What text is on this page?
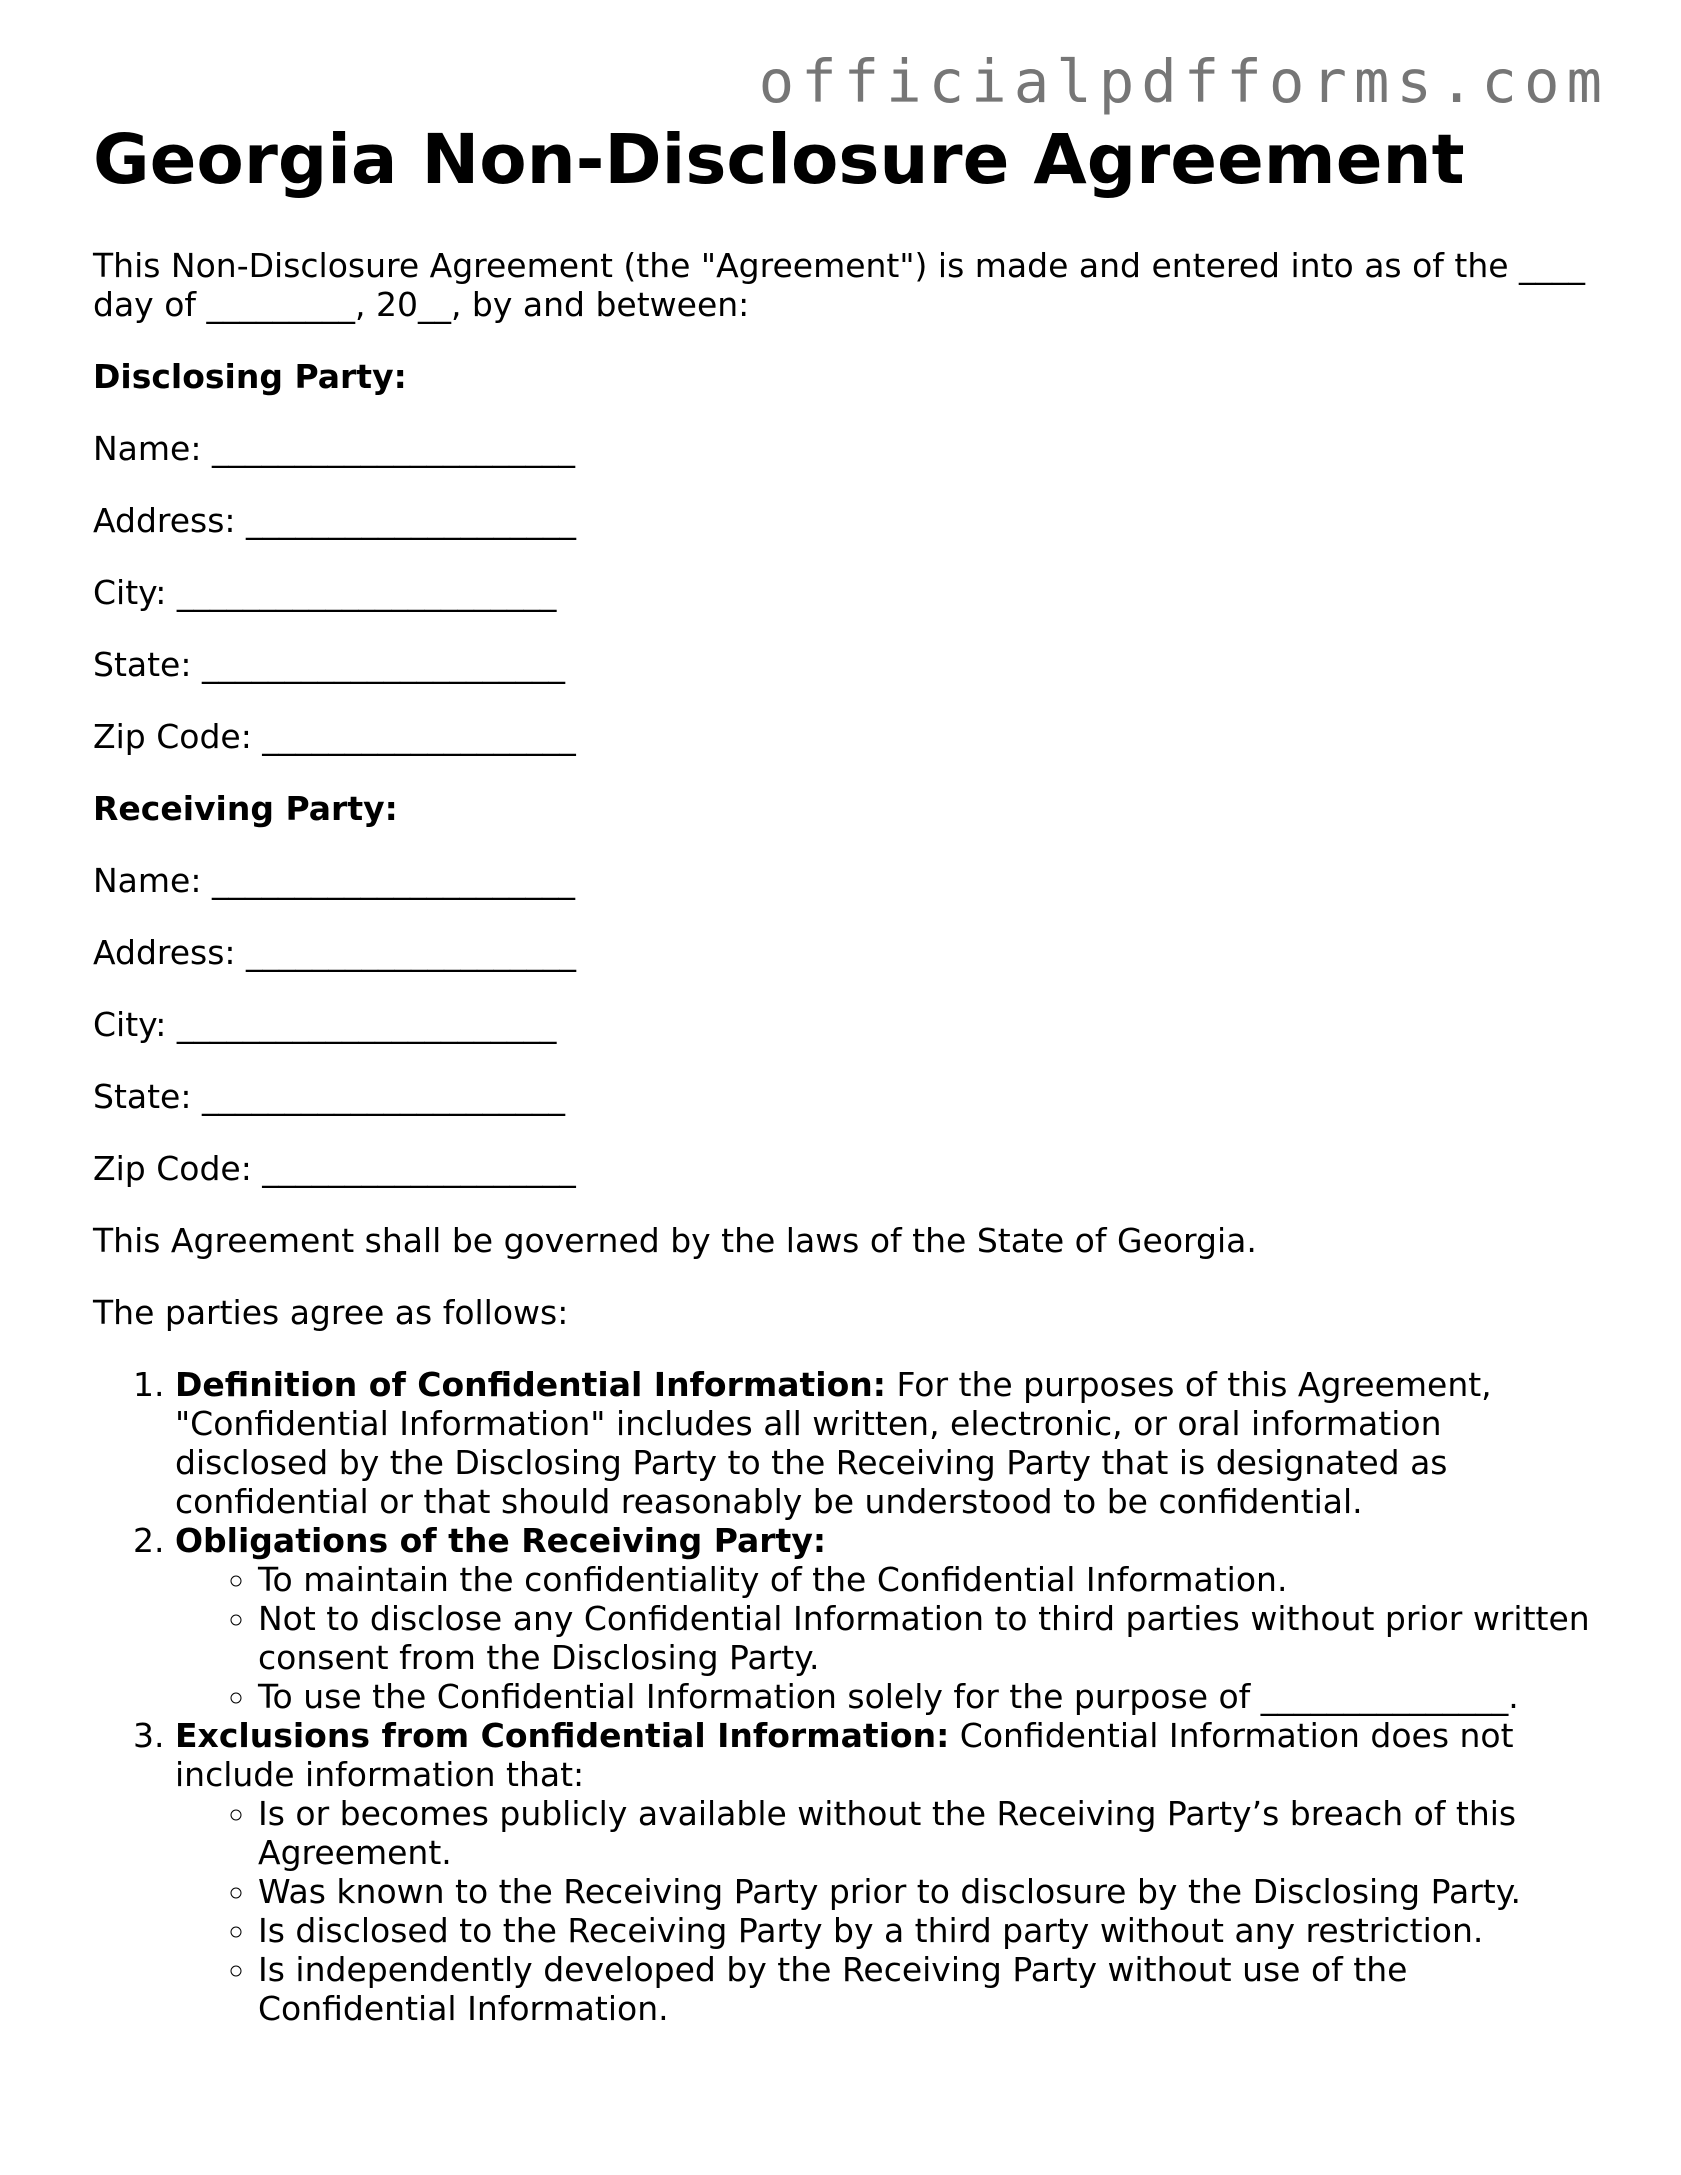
officialpdfforms.com
Georgia Non-Disclosure Agreement

This Non-Disclosure Agreement (the "Agreement") is made and entered into as of the ____ day of _________, 20__, by and between:

Disclosing Party:

Name: ______________________

Address: ____________________

City: _______________________

State: ______________________

Zip Code: ___________________

Receiving Party:

Name: ______________________

Address: ____________________

City: _______________________

State: ______________________

Zip Code: ___________________

This Agreement shall be governed by the laws of the State of Georgia.

The parties agree as follows:

1. Definition of Confidential Information: For the purposes of this Agreement, "Confidential Information" includes all written, electronic, or oral information disclosed by the Disclosing Party to the Receiving Party that is designated as confidential or that should reasonably be understood to be confidential.
2. Obligations of the Receiving Party:
◦ To maintain the confidentiality of the Confidential Information.
◦ Not to disclose any Confidential Information to third parties without prior written consent from the Disclosing Party.
◦ To use the Confidential Information solely for the purpose of _______________.
3. Exclusions from Confidential Information: Confidential Information does not include information that:
◦ Is or becomes publicly available without the Receiving Party’s breach of this Agreement.
◦ Was known to the Receiving Party prior to disclosure by the Disclosing Party.
◦ Is disclosed to the Receiving Party by a third party without any restriction.
◦ Is independently developed by the Receiving Party without use of the Confidential Information.
